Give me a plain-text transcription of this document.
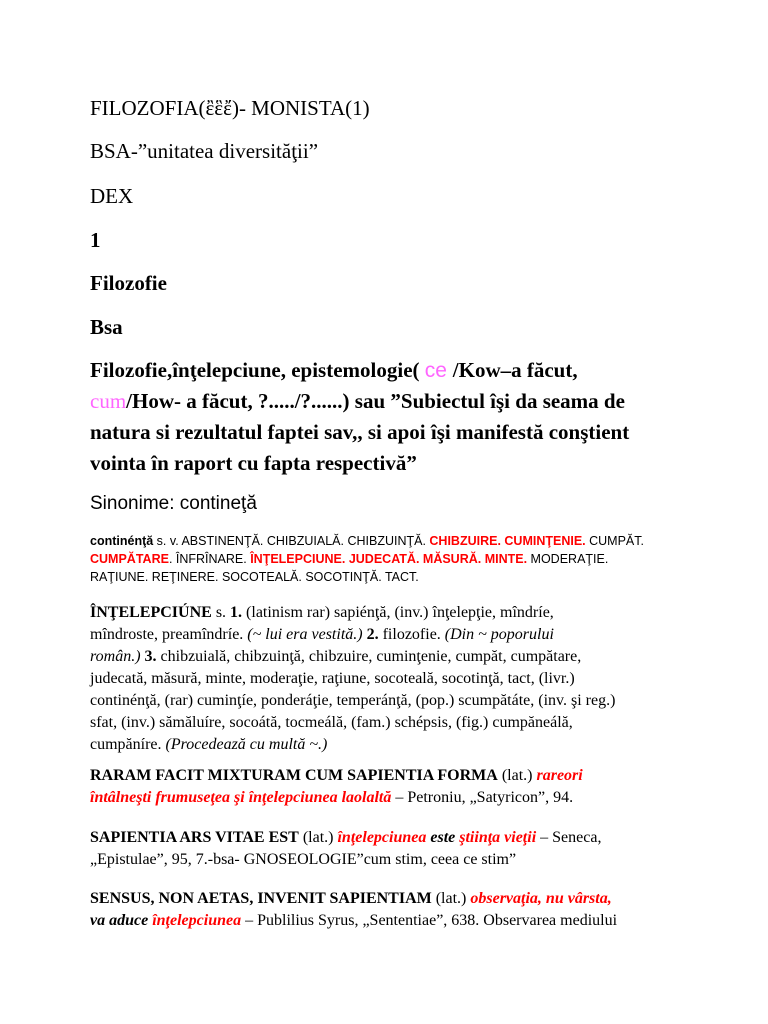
FILOZOFIA(ἒἓἔ)- MONISTA(1)
BSA-”unitatea diversităţii”
DEX
1
Filozofie
Bsa
Filozofie,înţelepciune, epistemologie( ce /Kow–a făcut,
cum/How- a făcut, ?...../?......) sau ”Subiectul îşi da seama de
natura si rezultatul faptei sav,, si apoi îşi manifestă conştient
vointa în raport cu fapta respectivă”
Sinonime: contineţă
continénţă s. v. ABSTINENŢĂ. CHIBZUIALĂ. CHIBZUINŢĂ. CHIBZUIRE. CUMINŢENIE. CUMPĂT.
CUMPĂTARE. ÎNFRÎNARE. ÎNŢELEPCIUNE. JUDECATĂ. MĂSURĂ. MINTE. MODERAŢIE.
RAŢIUNE. REŢINERE. SOCOTEALĂ. SOCOTINŢĂ. TACT.
ÎNŢELEPCIÚNE s. 1. (latinism rar) sapiénţă, (inv.) înţelepţie, mîndríe,
mîndroste, preamîndríe. (~ lui era vestită.) 2. filozofie. (Din ~ poporului
român.) 3. chibzuială, chibzuinţă, chibzuire, cuminţenie, cumpăt, cumpătare,
judecată, măsură, minte, moderaţie, raţiune, socoteală, socotinţă, tact, (livr.)
continénţă, (rar) cuminţíe, ponderáţie, temperánţă, (pop.) scumpătáte, (inv. şi reg.)
sfat, (inv.) sămăluíre, socoátă, tocmeálă, (fam.) schépsis, (fig.) cumpăneálă,
cumpăníre. (Procedează cu multă ~.)
RARAM FACIT MIXTURAM CUM SAPIENTIA FORMA (lat.) rareori
întâlneşti frumuseţea şi înţelepciunea laolaltă – Petroniu, „Satyricon”, 94.
SAPIENTIA ARS VITAE EST (lat.) înţelepciunea este ştiinţa vieţii – Seneca,
„Epistulae”, 95, 7.-bsa- GNOSEOLOGIE”cum stim, ceea ce stim”
SENSUS, NON AETAS, INVENIT SAPIENTIAM (lat.) observaţia, nu vârsta,
va aduce înţelepciunea – Publilius Syrus, „Sententiae”, 638. Observarea mediului
